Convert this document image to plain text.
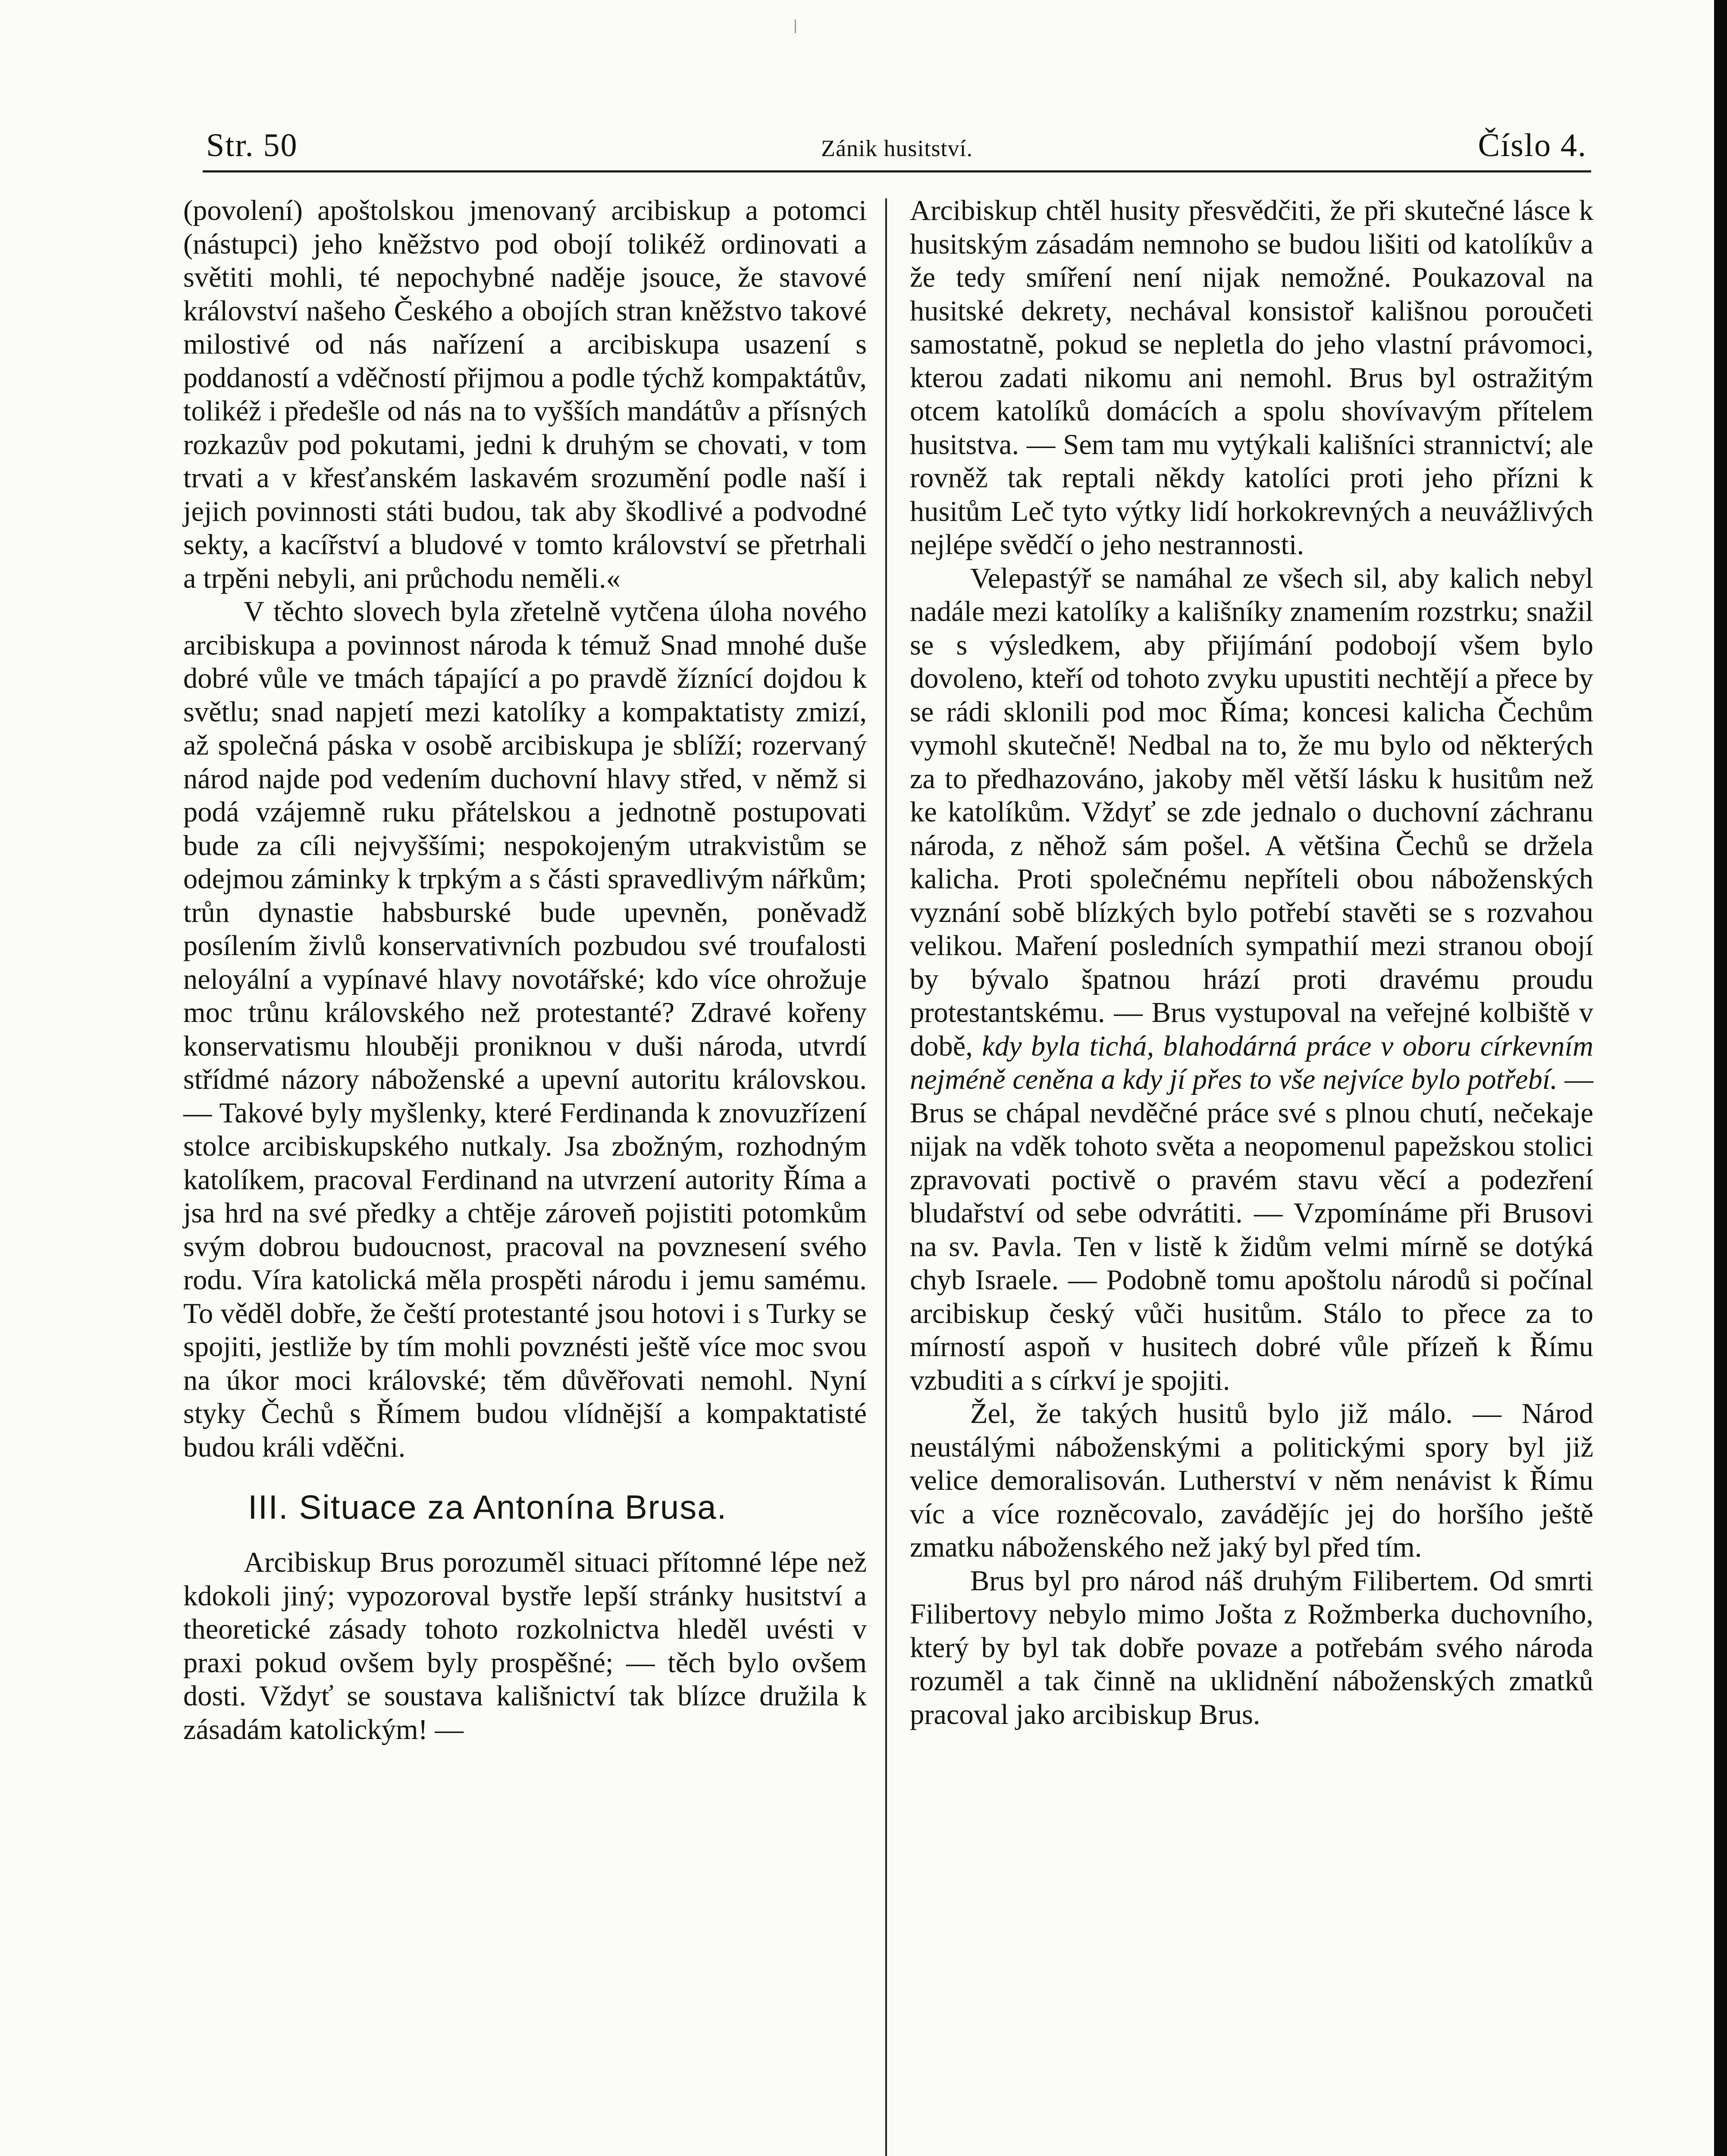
Str. 50	Zánik husitství.	Číslo 4.

(povolení) apoštolskou jmenovaný arcibiskup a potomci (nástupci) jeho kněžstvo pod obojí tolikéž ordinovati a světiti mohli, té nepochybné naděje jsouce, že stavové království našeho Českého a obojích stran kněžstvo takové milostivé od nás nařízení a arcibiskupa usazení s poddaností a vděčností přijmou a podle týchž kompaktátův, tolikéž i předešle od nás na to vyšších mandátův a přísných rozkazův pod pokutami, jedni k druhým se chovati, v tom trvati a v křesťanském laskavém srozumění podle naší i jejich povinnosti státi budou, tak aby škodlivé a podvodné sekty, a kacířství a bludové v tomto království se přetrhali a trpěni nebyli, ani průchodu neměli.«

V těchto slovech byla zřetelně vytčena úloha nového arcibiskupa a povinnost národa k témuž Snad mnohé duše dobré vůle ve tmách tápající a po pravdě žíznící dojdou k světlu; snad napjetí mezi katolíky a kompaktatisty zmizí, až společná páska v osobě arcibiskupa je sblíží; rozervaný národ najde pod vedením duchovní hlavy střed, v němž si podá vzájemně ruku přátelskou a jednotně postupovati bude za cíli nejvyššími; nespokojeným utrakvistům se odejmou záminky k trpkým a s části spravedlivým nářkům; trůn dynastie habsburské bude upevněn, poněvadž posílením živlů konservativních pozbudou své troufalosti neloyální a vypínavé hlavy novotářské; kdo více ohrožuje moc trůnu královského než protestanté? Zdravé kořeny konservatismu hlouběji proniknou v duši národa, utvrdí střídmé názory náboženské a upevní autoritu královskou. — Takové byly myšlenky, které Ferdinanda k znovuzřízení stolce arcibiskupského nutkaly. Jsa zbožným, rozhodným katolíkem, pracoval Ferdinand na utvrzení autority Říma a jsa hrd na své předky a chtěje zároveň pojistiti potomkům svým dobrou budoucnost, pracoval na povznesení svého rodu. Víra katolická měla prospěti národu i jemu samému. To věděl dobře, že čeští protestanté jsou hotovi i s Turky se spojiti, jestliže by tím mohli povznésti ještě více moc svou na úkor moci královské; těm důvěřovati nemohl. Nyní styky Čechů s Římem budou vlídnější a kompaktatisté budou králi vděčni.

III. Situace za Antonína Brusa.

Arcibiskup Brus porozuměl situaci přítomné lépe než kdokoli jiný; vypozoroval bystře lepší stránky husitství a theoretické zásady tohoto rozkolnictva hleděl uvésti v praxi pokud ovšem byly prospěšné; — těch bylo ovšem dosti. Vždyť se soustava kališnictví tak blízce družila k zásadám katolickým! —

Arcibiskup chtěl husity přesvědčiti, že při skutečné lásce k husitským zásadám nemnoho se budou lišiti od katolíkův a že tedy smíření není nijak nemožné. Poukazoval na husitské dekrety, nechával konsistoř kališnou poroučeti samostatně, pokud se nepletla do jeho vlastní právomoci, kterou zadati nikomu ani nemohl. Brus byl ostražitým otcem katolíků domácích a spolu shovívavým přítelem husitstva. — Sem tam mu vytýkali kališníci strannictví; ale rovněž tak reptali někdy katolíci proti jeho přízni k husitům Leč tyto výtky lidí horkokrevných a neuvážlivých nejlépe svědčí o jeho nestrannosti.

Velepastýř se namáhal ze všech sil, aby kalich nebyl nadále mezi katolíky a kališníky znamením rozstrku; snažil se s výsledkem, aby přijímání podobojí všem bylo dovoleno, kteří od tohoto zvyku upustiti nechtějí a přece by se rádi sklonili pod moc Říma; koncesi kalicha Čechům vymohl skutečně! Nedbal na to, že mu bylo od některých za to předhazováno, jakoby měl větší lásku k husitům než ke katolíkům. Vždyť se zde jednalo o duchovní záchranu národa, z něhož sám pošel. A většina Čechů se držela kalicha. Proti společnému nepříteli obou náboženských vyznání sobě blízkých bylo potřebí stavěti se s rozvahou velikou. Maření posledních sympathií mezi stranou obojí by bývalo špatnou hrází proti dravému proudu protestantskému. — Brus vystupoval na veřejné kolbiště v době, kdy byla tichá, blahodárná práce v oboru církevním nejméně ceněna a kdy jí přes to vše nejvíce bylo potřebí. — Brus se chápal nevděčné práce své s plnou chutí, nečekaje nijak na vděk tohoto světa a neopomenul papežskou stolici zpravovati poctivě o pravém stavu věcí a podezření bludařství od sebe odvrátiti. — Vzpomínáme při Brusovi na sv. Pavla. Ten v listě k židům velmi mírně se dotýká chyb Israele. — Podobně tomu apoštolu národů si počínal arcibiskup český vůči husitům. Stálo to přece za to mírností aspoň v husitech dobré vůle přízeň k Římu vzbuditi a s církví je spojiti.

Žel, že takých husitů bylo již málo. — Národ neustálými náboženskými a politickými spory byl již velice demoralisován. Lutherství v něm nenávist k Římu víc a více rozněcovalo, zavádějíc jej do horšího ještě zmatku náboženského než jaký byl před tím.

Brus byl pro národ náš druhým Filibertem. Od smrti Filibertovy nebylo mimo Jošta z Rožmberka duchovního, který by byl tak dobře povaze a potřebám svého národa rozuměl a tak činně na uklidnění náboženských zmatků pracoval jako arcibiskup Brus.
